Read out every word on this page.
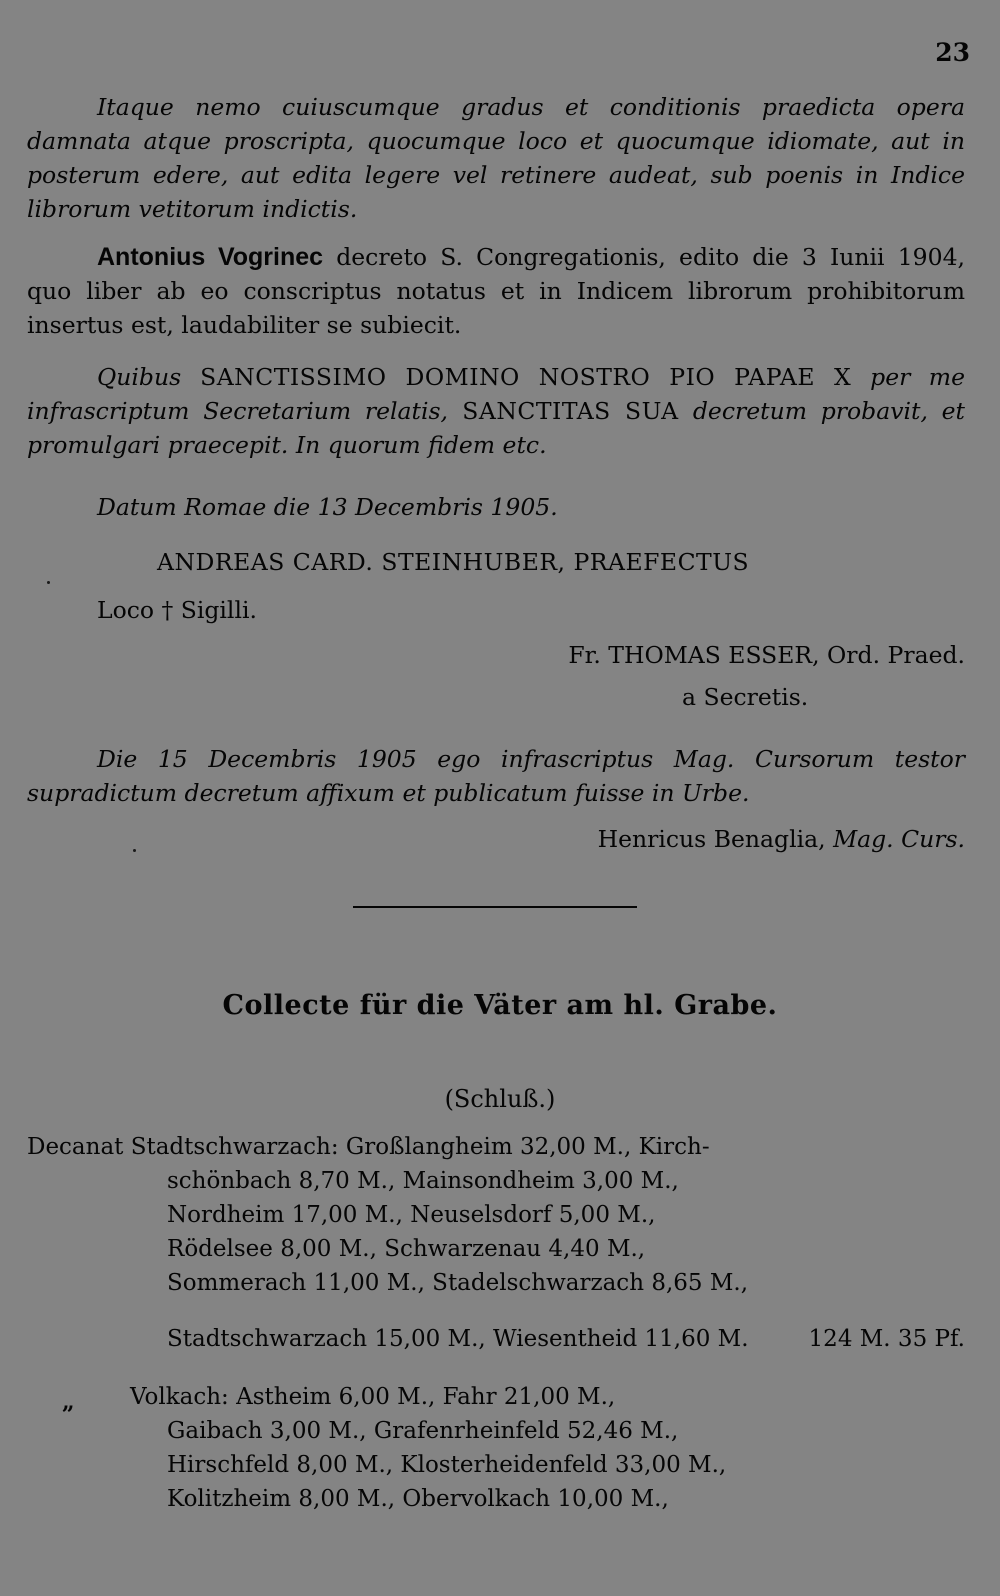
23
Itaque nemo cuiuscumque gradus et conditionis praedicta opera damnata atque proscripta, quocumque loco et quocumque idiomate, aut in posterum edere, aut edita legere vel retinere audeat, sub poenis in Indice librorum vetitorum indictis.
Antonius Vogrinec decreto S. Congregationis, edito die 3 Iunii 1904, quo liber ab eo conscriptus notatus et in Indicem librorum prohibitorum insertus est, laudabiliter se subiecit.
Quibus SANCTISSIMO DOMINO NOSTRO PIO PAPAE X per me infrascriptum Secretarium relatis, SANCTITAS SUA decretum probavit, et promulgari praecepit. In quorum fidem etc.
Datum Romae die 13 Decembris 1905.
ANDREAS CARD. STEINHUBER, PRAEFECTUS
Loco † Sigilli.
Fr. THOMAS ESSER, Ord. Praed.
a Secretis.
Die 15 Decembris 1905 ego infrascriptus Mag. Cursorum testor supradictum decretum affixum et publicatum fuisse in Urbe.
Henricus Benaglia, Mag. Curs.
Collecte für die Väter am hl. Grabe.
(Schluß.)
Decanat Stadtschwarzach: Großlangheim 32,00 M., Kirch-
schönbach 8,70 M., Mainsondheim 3,00 M.,
Nordheim 17,00 M., Neuselsdorf 5,00 M.,
Rödelsee 8,00 M., Schwarzenau 4,40 M.,
Sommerach 11,00 M., Stadelschwarzach 8,65 M.,
Stadtschwarzach 15,00 M., Wiesentheid 11,60 M.	124 M. 35 Pf.
„ Volkach: Astheim 6,00 M., Fahr 21,00 M.,
Gaibach 3,00 M., Grafenrheinfeld 52,46 M.,
Hirschfeld 8,00 M., Klosterheidenfeld 33,00 M.,
Kolitzheim 8,00 M., Obervolkach 10,00 M.,
